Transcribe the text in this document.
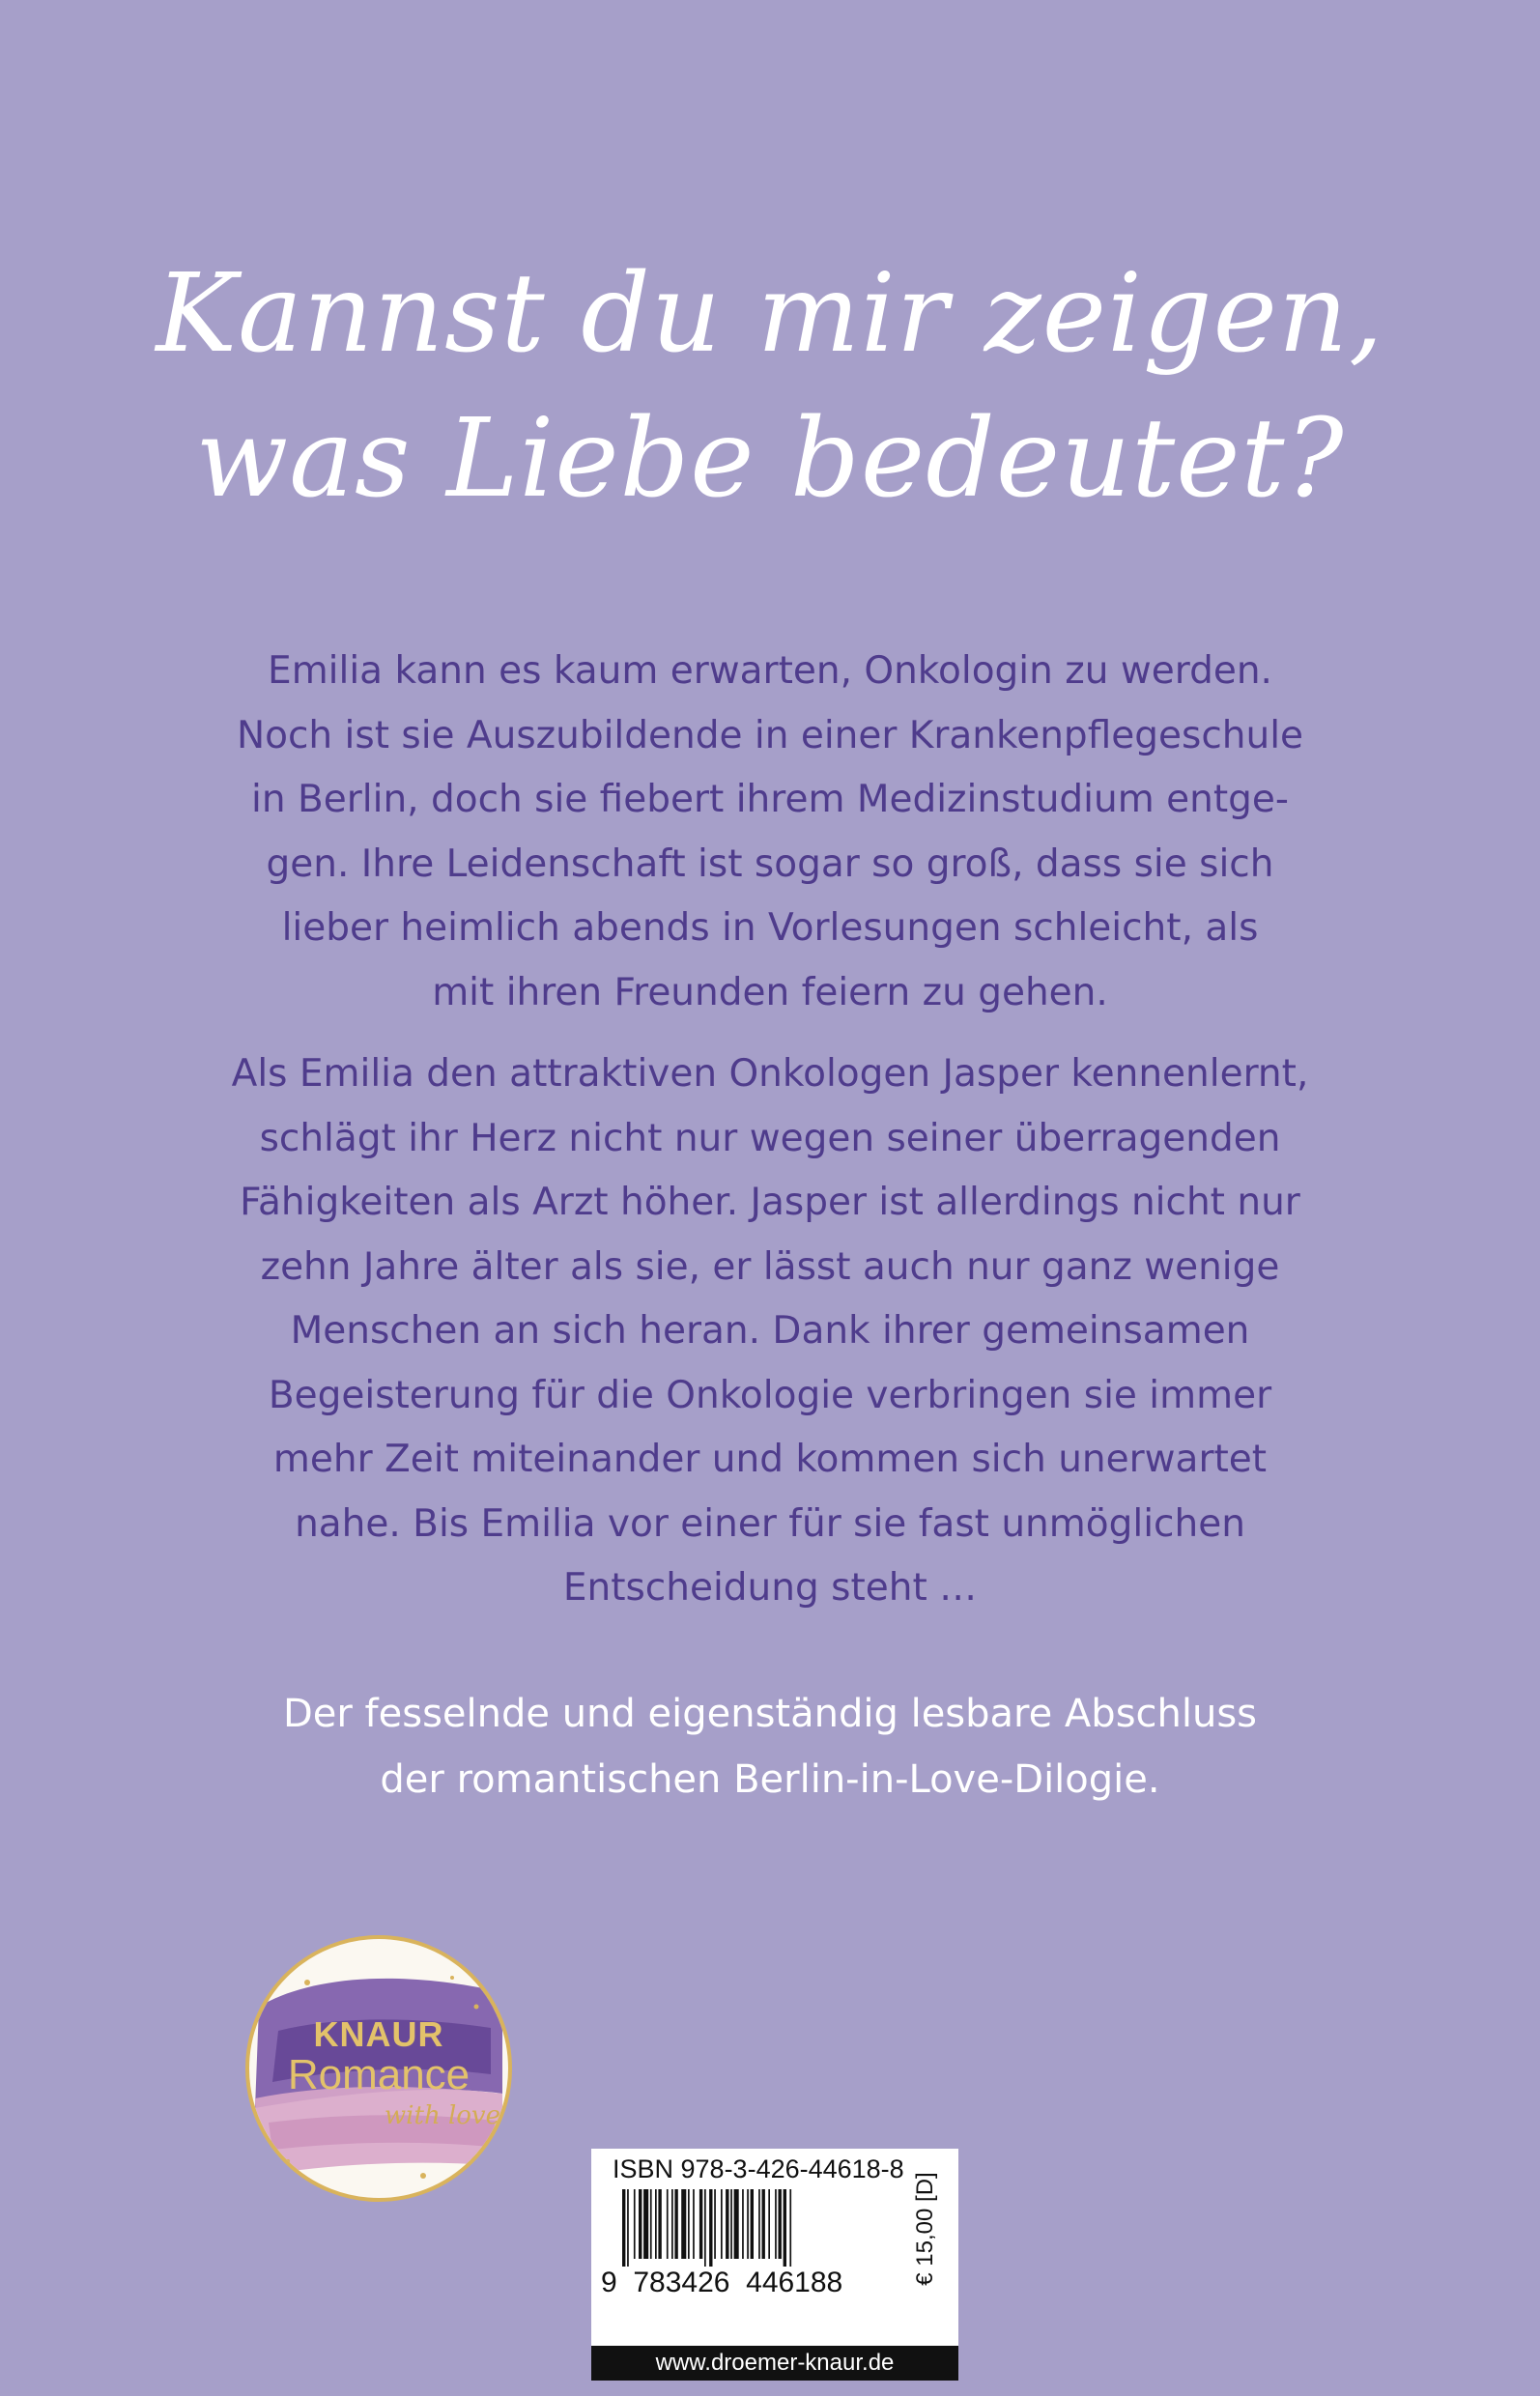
Kannst du mir zeigen,
was Liebe bedeutet?
Emilia kann es kaum erwarten, Onkologin zu werden.
Noch ist sie Auszubildende in einer Krankenpflegeschule
in Berlin, doch sie fiebert ihrem Medizinstudium entge-
gen. Ihre Leidenschaft ist sogar so groß, dass sie sich
lieber heimlich abends in Vorlesungen schleicht, als
mit ihren Freunden feiern zu gehen.
Als Emilia den attraktiven Onkologen Jasper kennenlernt,
schlägt ihr Herz nicht nur wegen seiner überragenden
Fähigkeiten als Arzt höher. Jasper ist allerdings nicht nur
zehn Jahre älter als sie, er lässt auch nur ganz wenige
Menschen an sich heran. Dank ihrer gemeinsamen
Begeisterung für die Onkologie verbringen sie immer
mehr Zeit miteinander und kommen sich unerwartet
nahe. Bis Emilia vor einer für sie fast unmöglichen
Entscheidung steht …
Der fesselnde und eigenständig lesbare Abschluss
der romantischen Berlin-in-Love-Dilogie.
KNAUR
Romance
with love
ISBN 978-3-426-44618-8
9  783426  446188	€ 15,00 [D]
www.droemer-knaur.de
